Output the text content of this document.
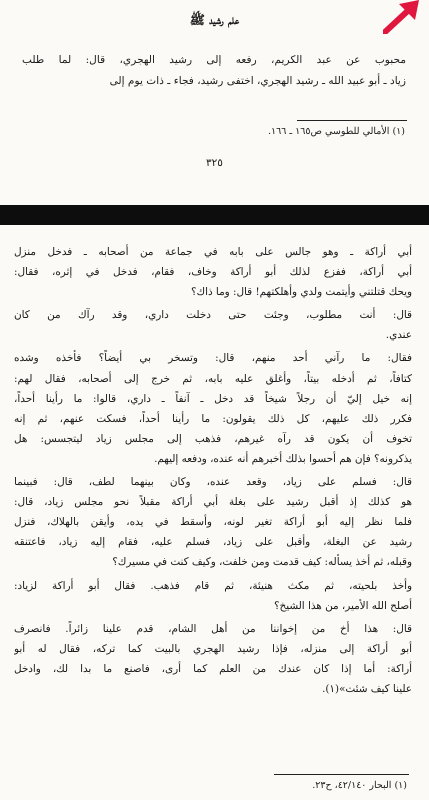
علم رشيد ﷺ
محبوب عن عبد الكريم، رفعه إلى رشيد الهجري، قال: لما طلب
زياد ـ أبو عبيد الله ـ رشيد الهجري، اختفى رشيد، فجاء ـ ذات يوم إلى
(١) الأمالي للطوسي ص١٦٥ ـ ١٦٦.
٣٢٥
أبي أراكة ـ وهو جالس على بابه في جماعة من أصحابه ـ فدخل منزل
أبي أراكة، ففزع لذلك أبو أراكة وخاف، فقام، فدخل في إثره، فقال:
ويحك قتلتني وأيتمت ولدي وأهلكتهم! قال: وما ذاك؟
قال: أنت مطلوب، وجئت حتى دخلت داري، وقد رآك من كان
عندي.
فقال: ما رآني أحد منهم، قال: وتسخر بي أيضاً؟ فأخذه وشده
كتافاً، ثم أدخله بيتاً، وأغلق عليه بابه، ثم خرج إلى أصحابه، فقال لهم:
إنه خيل إليّ أن رجلاً شيخاً قد دخل ـ آنفاً ـ داري، قالوا: ما رأينا أحداً،
فكرر ذلك عليهم، كل ذلك يقولون: ما رأينا أحداً، فسكت عنهم، ثم إنه
تخوف أن يكون قد رآه غيرهم، فذهب إلى مجلس زياد ليتجسس: هل
يذكرونه؟ فإن هم أحسوا بذلك أخبرهم أنه عنده، ودفعه إليهم.
قال: فسلم على زياد، وقعد عنده، وكان بينهما لطف، قال: فبينما
هو كذلك إذ أقبل رشيد على بغلة أبي أراكة مقبلاً نحو مجلس زياد، قال:
فلما نظر إليه أبو أراكة تغير لونه، وأسقط في يده، وأيقن بالهلاك، فنزل
رشيد عن البغلة، وأقبل على زياد، فسلم عليه، فقام إليه زياد، فاعتنقه
وقبله، ثم أخذ يسأله: كيف قدمت ومن خلفت، وكيف كنت في مسيرك؟
وأخذ بلحيته، ثم مكث هنيئة، ثم قام فذهب. فقال أبو أراكة لزياد:
أصلح الله الأمير، من هذا الشيخ؟
قال: هذا أخ من إخواننا من أهل الشام، قدم علينا زائراً. فانصرف
أبو أراكة إلى منزله، فإذا رشيد الهجري بالبيت كما تركه، فقال له أبو
أراكة: أما إذا كان عندك من العلم كما أرى، فاصنع ما بدا لك، وادخل
علينا كيف شئت»(١).
(١) البحار ٤٢/١٤٠، ح٢٣.
